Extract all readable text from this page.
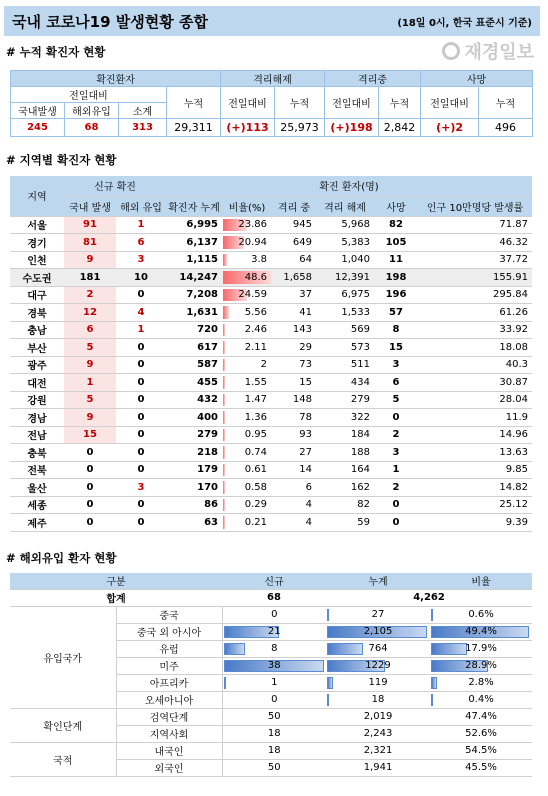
국내 코로나19 발생현황 종합	(18일 0시, 한국 표준시 기준)
# 누적 확진자 현황	재경일보
확진환자				격리해제		격리중		사망	
전일대비			누적	전일대비	누적	전일대비	누적	전일대비	누적
국내발생	해외유입	소계							
245	68	313	29,311	(+)113	25,973	(+)198	2,842	(+)2	496
# 지역별 확진자 현황
지역	신규 확진		확진 환자(명)					
	국내 발생	해외 유입	확진자 누계	비율(%)	격리 중	격리 해제	사망	인구 10만명당 발생률
서울	91	1	6,995	23.86	945	5,968	82	71.87
경기	81	6	6,137	20.94	649	5,383	105	46.32
인천	9	3	1,115	3.8	64	1,040	11	37.72
수도권	181	10	14,247	48.6	1,658	12,391	198	155.91
대구	2	0	7,208	24.59	37	6,975	196	295.84
경북	12	4	1,631	5.56	41	1,533	57	61.26
충남	6	1	720	2.46	143	569	8	33.92
부산	5	0	617	2.11	29	573	15	18.08
광주	9	0	587	2	73	511	3	40.3
대전	1	0	455	1.55	15	434	6	30.87
강원	5	0	432	1.47	148	279	5	28.04
경남	9	0	400	1.36	78	322	0	11.9
전남	15	0	279	0.95	93	184	2	14.96
충북	0	0	218	0.74	27	188	3	13.63
전북	0	0	179	0.61	14	164	1	9.85
울산	0	3	170	0.58	6	162	2	14.82
세종	0	0	86	0.29	4	82	0	25.12
제주	0	0	63	0.21	4	59	0	9.39
# 해외유입 환자 현황
구분		신규	누계	비율
합계		68	4,262	
유입국가	중국	0	27	0.6%
	중국 외 아시아	21	2,105	49.4%
	유럽	8	764	17.9%
	미주	38	1229	28.9%
	아프리카	1	119	2.8%
	오세아니아	0	18	0.4%
확인단계	검역단계	50	2,019	47.4%
	지역사회	18	2,243	52.6%
국적	내국인	18	2,321	54.5%
	외국인	50	1,941	45.5%
